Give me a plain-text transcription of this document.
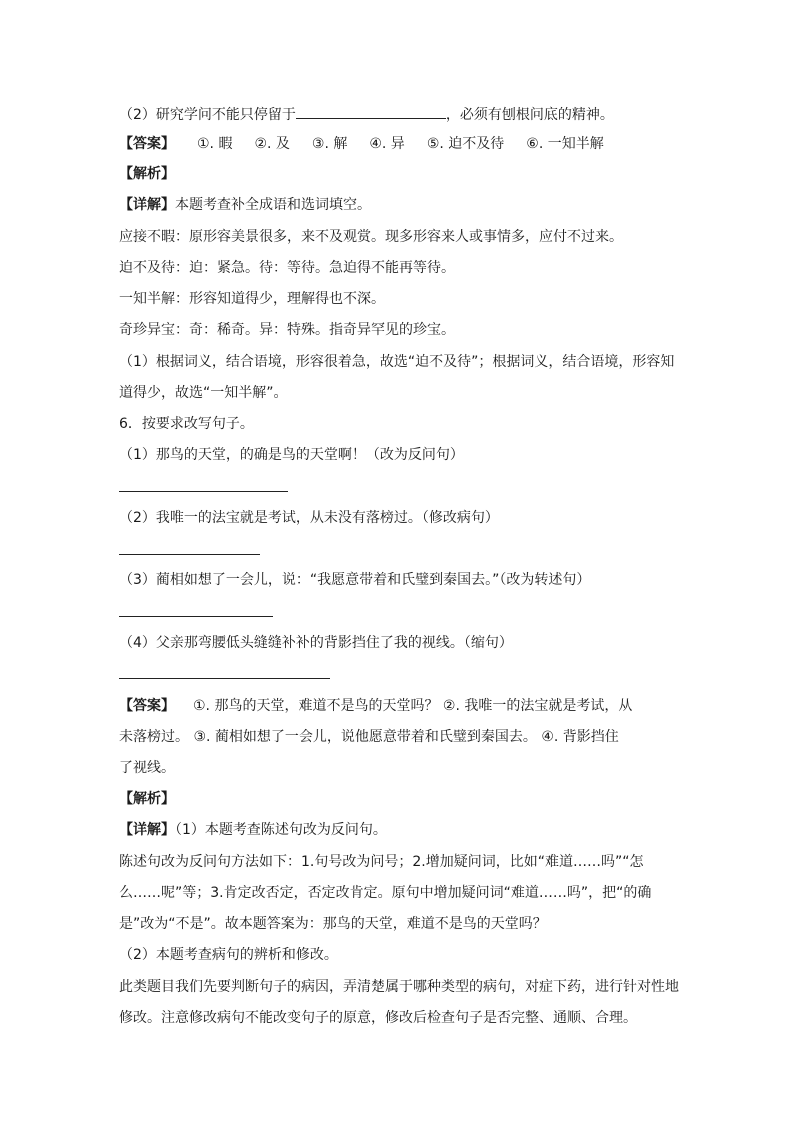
（2）研究学问不能只停留于	，必须有刨根问底的精神。
【答案】 ①. 暇 ②. 及 ③. 解 ④. 异 ⑤. 迫不及待 ⑥. 一知半解
【解析】
【详解】本题考查补全成语和选词填空。
应接不暇：原形容美景很多，来不及观赏。现多形容来人或事情多，应付不过来。
迫不及待：迫：紧急。待：等待。急迫得不能再等待。
一知半解：形容知道得少，理解得也不深。
奇珍异宝：奇：稀奇。异：特殊。指奇异罕见的珍宝。
（1）根据词义，结合语境，形容很着急，故选“迫不及待”；根据词义，结合语境，形容知
道得少，故选“一知半解”。
6．按要求改写句子。
（1）那鸟的天堂，的确是鸟的天堂啊！（改为反问句）
（2）我唯一的法宝就是考试，从未没有落榜过。（修改病句）
（3）蔺相如想了一会儿，说：“我愿意带着和氏璧到秦国去。”（改为转述句）
（4）父亲那弯腰低头缝缝补补的背影挡住了我的视线。（缩句）
【答案】 ①. 那鸟的天堂，难道不是鸟的天堂吗？ ②. 我唯一的法宝就是考试，从
未落榜过。 ③. 蔺相如想了一会儿，说他愿意带着和氏璧到秦国去。 ④. 背影挡住
了视线。
【解析】
【详解】（1）本题考查陈述句改为反问句。
陈述句改为反问句方法如下：1.句号改为问号；2.增加疑问词，比如“难道……吗”“怎
么……呢”等；3.肯定改否定，否定改肯定。原句中增加疑问词“难道……吗”，把“的确
是”改为“不是”。故本题答案为：那鸟的天堂，难道不是鸟的天堂吗？
（2）本题考查病句的辨析和修改。
此类题目我们先要判断句子的病因，弄清楚属于哪种类型的病句，对症下药，进行针对性地
修改。注意修改病句不能改变句子的原意，修改后检查句子是否完整、通顺、合理。
